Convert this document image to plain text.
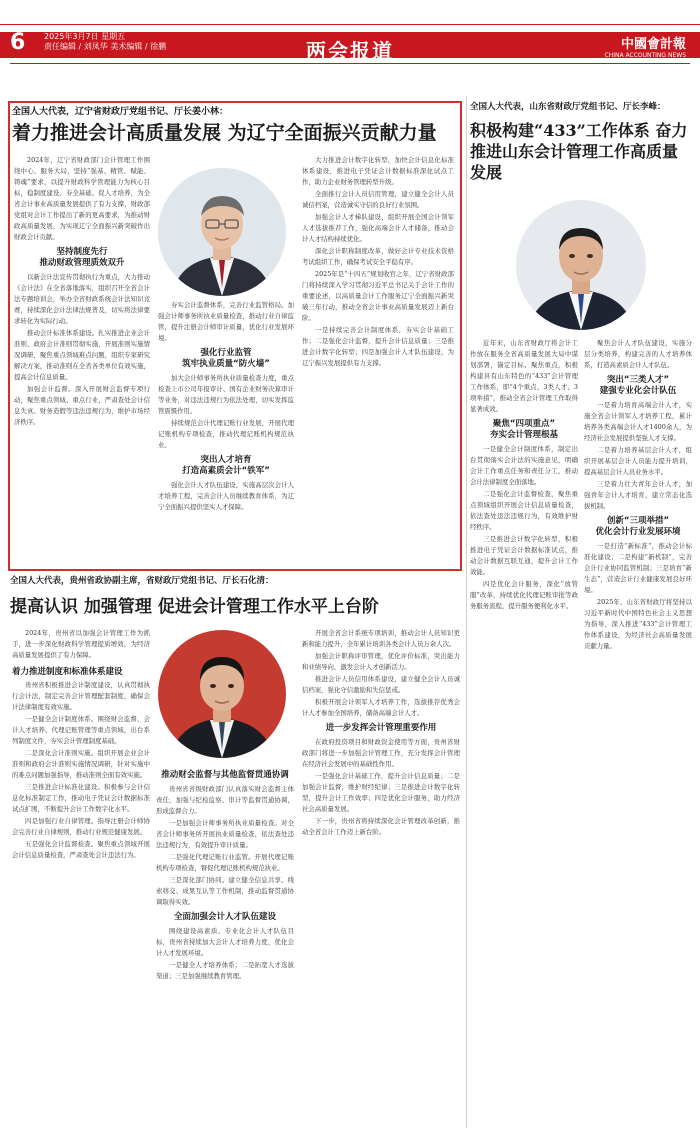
6 2025年3月7日 星期五
责任编辑 / 刘凤华 美术编辑 / 徐鹏	两会报道	中國會計報
CHINA ACCOUNTING NEWS
全国人大代表，辽宁省财政厅党组书记、厅长姜小林：
着力推进会计高质量发展 为辽宁全面振兴贡献力量

2024年，辽宁省财政部门会计管理工作围绕中心、服务大局，坚持“强基、精管、赋能、铸魂”要求，以提升财政科学管理能力为核心目标，稳制度建设、夯全基础、促人才培养，为全省会计事业高质量发展提供了有力支撑，财政部党组对会计工作提出了新的更高要求，为推动财政高质量发展，为实现辽宁全面振兴新突破作出财政会计贡献。

坚持制度先行
推动财政管理质效双升

以新会计法宣传贯彻执行为重点，大力推动《会计法》在全省落地落实，组织召开全省会计法专题培训会，举办全省财政系统会计法知识竞赛，持续深化会计法律法规普及，切实将法律要求转化为实际行动。

推动会计标准体系建设。扎实推进企业会计准则、政府会计准则贯彻实施，开展准则实施情况调研，聚焦重点领域难点问题，组织专家研究解决方案，推动准则在全省各类单位有效实施，提高会计信息质量。

加强会计监督。深入开展财会监督专项行动，聚焦重点领域、重点行业，严肃查处会计信息失真、财务造假等违法违规行为，维护市场经济秩序。

夯实会计监督体系，完善行业监管格局。加强会计师事务所执业质量检查，推动行业自律监管，提升注册会计师审计质量，优化行业发展环境。

强化行业监管
筑牢执业质量“防火墙”

加大会计师事务所执业质量检查力度，重点检查上市公司年报审计、国有企业财务决算审计等业务，对违法违规行为依法处理，切实发挥监管震慑作用。

持续规范会计代理记账行业发展，开展代理记账机构专项检查，推动代理记账机构规范执业。

突出人才培育
打造高素质会计“铁军”

强化会计人才队伍建设，实施高层次会计人才培养工程，完善会计人员继续教育体系，为辽宁全面振兴提供坚实人才保障。

大力推进会计数字化转型，加快会计信息化标准体系建设，推进电子凭证会计数据标准深化试点工作，助力企业财务管理转型升级。

全面推行会计人员信用管理，建立健全会计人员诚信档案，营造诚实守信的良好行业氛围。

加强会计人才梯队建设，组织开展全国会计领军人才选拔推荐工作，强化高端会计人才储备，推动会计人才结构持续优化。

深化会计职称制度改革，做好会计专业技术资格考试组织工作，确保考试安全平稳有序。

2025年是“十四五”规划收官之年，辽宁省财政部门将持续深入学习贯彻习近平总书记关于会计工作的重要论述，以高质量会计工作服务辽宁全面振兴新突破三年行动，推动全省会计事业高质量发展迈上新台阶。

一是持续完善会计制度体系，夯实会计基础工作；二是强化会计监督，提升会计信息质量；三是推进会计数字化转型；四是加强会计人才队伍建设，为辽宁振兴发展提供有力支撑。

全国人大代表，山东省财政厅党组书记、厅长李峰：
积极构建“433”工作体系 奋力推进山东会计管理工作高质量发展

近年来，山东省财政厅将会计工作放在服务全省高质量发展大局中谋划部署，锚定目标、聚焦重点，积极构建具有山东特色的“433”会计管理工作体系，即“4个重点、3类人才、3项举措”，推动全省会计管理工作取得显著成效。

聚焦“四项重点”
夯实会计管理根基

一是健全会计制度体系，制定出台贯彻落实会计法的实施意见，明确会计工作重点任务和责任分工，推动会计法律制度全面落地。

二是强化会计监督检查，聚焦重点领域组织开展会计信息质量检查，依法查处违法违规行为，有效维护财经秩序。

三是推进会计数字化转型，积极推进电子凭证会计数据标准试点，推动会计数据互联互通，提升会计工作效能。

四是优化会计服务，深化“放管服”改革，持续优化代理记账审批等政务服务流程，提升服务便利化水平。

聚焦会计人才队伍建设，实施分层分类培养，构建完善的人才培养体系，打造高素质会计人才队伍。

突出“三类人才”
建强专业化会计队伍

一是着力培育高端会计人才，实施全省会计领军人才培养工程，累计培养各类高端会计人才1400余人，为经济社会发展提供坚强人才支撑。

二是着力培养基层会计人才，组织开展基层会计人员能力提升培训，提高基层会计人员业务水平。

三是着力壮大青年会计人才，加强青年会计人才培育，建立常态化选拔机制。

创新“三项举措”
优化会计行业发展环境

一是打造“新标准”，推动会计标准化建设；二是构建“新机制”，完善会计行业协同监管机制；三是培育“新生态”，营造会计行业健康发展良好环境。

2025年，山东省财政厅将坚持以习近平新时代中国特色社会主义思想为指导，深入推进“433”会计管理工作体系建设，为经济社会高质量发展贡献力量。

全国人大代表，贵州省政协副主席，省财政厅党组书记、厅长石化清：
提高认识 加强管理 促进会计管理工作水平上台阶

2024年，贵州省以加强会计管理工作为抓手，进一步深化财政科学管理提质增效，为经济高质量发展提供了有力保障。

着力推进制度和标准体系建设

贵州省积极推进会计制度建设，认真贯彻执行会计法，制定完善会计管理配套制度，确保会计法律制度有效实施。

一是健全会计制度体系。围绕财会监督、会计人才培养、代理记账管理等重点领域，出台系列制度文件，夯实会计管理制度基础。

二是深化会计准则实施。组织开展企业会计准则和政府会计准则实施情况调研，针对实施中的难点问题加强指导，推动准则全面有效实施。

三是推进会计标准化建设。积极参与会计信息化标准制定工作，推动电子凭证会计数据标准试点扩围，不断提升会计工作数字化水平。

四是加强行业自律管理。指导注册会计师协会完善行业自律规则，推动行业规范健康发展。

五是强化会计监督检查。聚焦重点领域开展会计信息质量检查，严肃查处会计违法行为。

推动财会监督与其他监督贯通协调

贵州省省级财政部门认真落实财会监督主体责任，加强与纪检监察、审计等监督贯通协调，形成监督合力。

一是加强会计师事务所执业质量检查。对全省会计师事务所开展执业质量检查，依法查处违法违规行为，有效提升审计质量。

二是强化代理记账行业监管。开展代理记账机构专项检查，督促代理记账机构规范执业。

三是深化部门协同。建立健全信息共享、线索移交、成果互认等工作机制，推动监督贯通协调取得实效。

全面加强会计人才队伍建设

围绕建设高素质、专业化会计人才队伍目标，贵州省持续加大会计人才培养力度，优化会计人才发展环境。

一是健全人才培养体系；二是拓宽人才选拔渠道；三是加强继续教育管理。

开展全省会计系统专项培训，推动会计人员知识更新和能力提升，全年累计培训各类会计人员万余人次。

加强会计职称评审管理，优化评价标准，突出能力和业绩导向，激发会计人才创新活力。

推进会计人员信用体系建设，建立健全会计人员诚信档案，强化守信激励和失信惩戒。

积极开展会计领军人才培养工作，选拔推荐优秀会计人才参加全国培养，储备高端会计人才。

进一步发挥会计管理重要作用

在政府投资项目和财政资金使用等方面，贵州省财政部门将进一步加强会计管理工作，充分发挥会计管理在经济社会发展中的基础性作用。

一是强化会计基础工作，提升会计信息质量；二是加强会计监督，维护财经纪律；三是推进会计数字化转型，提升会计工作效率；四是优化会计服务，助力经济社会高质量发展。

下一步，贵州省将持续深化会计管理改革创新，推动全省会计工作迈上新台阶。
